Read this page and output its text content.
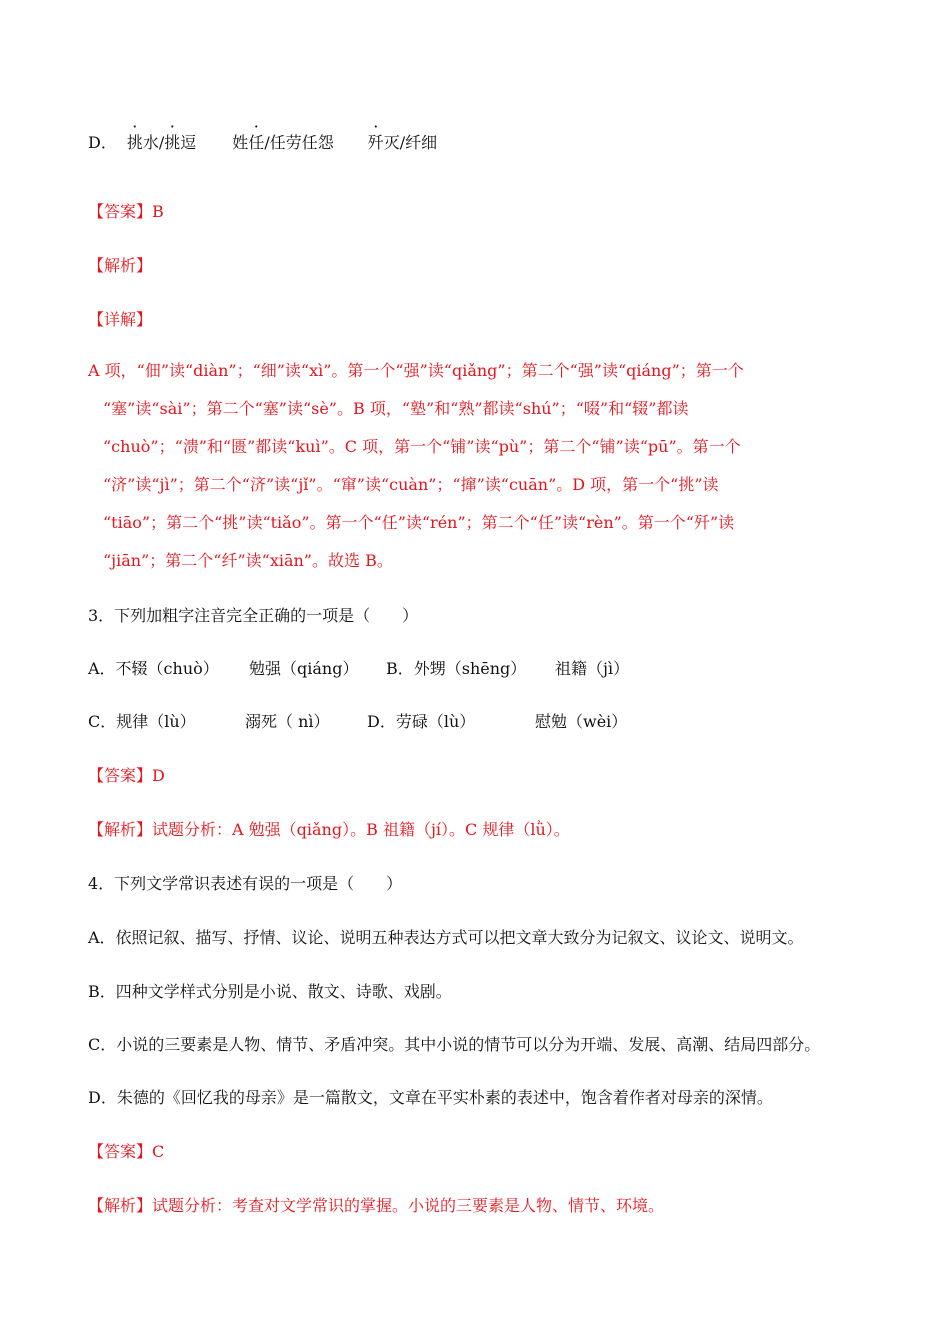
D． 挑水/挑逗 姓任/任劳任怨 歼灭/纤细
【答案】B
【解析】
【详解】
A 项，“佃”读“diàn”；“细”读“xì”。第一个“强”读“qiǎng”；第二个“强”读“qiáng”；第一个
“塞”读“sài”；第二个“塞”读“sè”。B 项，“塾”和“熟”都读“shú”；“啜”和“辍”都读
“chuò”；“溃”和“匮”都读“kuì”。C 项，第一个“铺”读“pù”；第二个“铺”读“pū”。第一个
“济”读“jì”；第二个“济”读“jǐ”。“窜”读“cuàn”；“撺”读“cuān”。D 项，第一个“挑”读
“tiāo”；第二个“挑”读“tiǎo”。第一个“任”读“rén”；第二个“任”读“rèn”。第一个“歼”读
“jiān”；第二个“纤”读“xiān”。故选 B。
3．下列加粗字注音完全正确的一项是（　　）
A．不辍（chuò） 勉强（qiáng） B．外甥（shēng） 祖籍（jì）
C．规律（lù）	溺死（ nì） D．劳碌（lù）	慰勉（wèi）
【答案】D
【解析】试题分析：A 勉强（qiǎng）。B 祖籍（jí）。C 规律（lǜ）。
4．下列文学常识表述有误的一项是（　　）
A．依照记叙、描写、抒情、议论、说明五种表达方式可以把文章大致分为记叙文、议论文、说明文。
B．四种文学样式分别是小说、散文、诗歌、戏剧。
C．小说的三要素是人物、情节、矛盾冲突。其中小说的情节可以分为开端、发展、高潮、结局四部分。
D．朱德的《回忆我的母亲》是一篇散文，文章在平实朴素的表述中，饱含着作者对母亲的深情。
【答案】C
【解析】试题分析：考查对文学常识的掌握。小说的三要素是人物、情节、环境。
